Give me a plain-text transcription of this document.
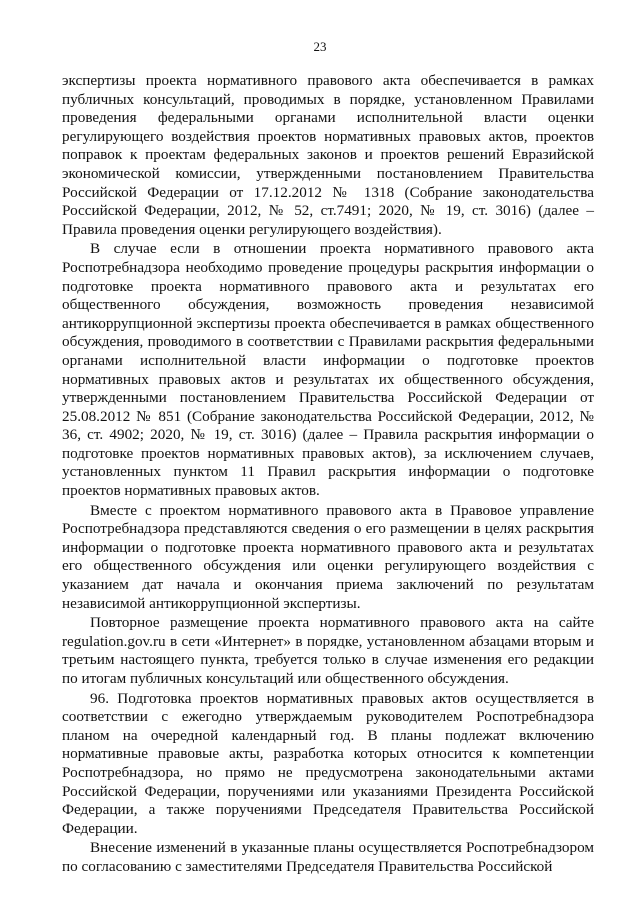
23

экспертизы проекта нормативного правового акта обеспечивается в рамках публичных консультаций, проводимых в порядке, установленном Правилами проведения федеральными органами исполнительной власти оценки регулирующего воздействия проектов нормативных правовых актов, проектов поправок к проектам федеральных законов и проектов решений Евразийской экономической комиссии, утвержденными постановлением Правительства Российской Федерации от 17.12.2012 № 1318 (Собрание законодательства Российской Федерации, 2012, № 52, ст.7491; 2020, № 19, ст. 3016) (далее – Правила проведения оценки регулирующего воздействия).

В случае если в отношении проекта нормативного правового акта Роспотребнадзора необходимо проведение процедуры раскрытия информации о подготовке проекта нормативного правового акта и результатах его общественного обсуждения, возможность проведения независимой антикоррупционной экспертизы проекта обеспечивается в рамках общественного обсуждения, проводимого в соответствии с Правилами раскрытия федеральными органами исполнительной власти информации о подготовке проектов нормативных правовых актов и результатах их общественного обсуждения, утвержденными постановлением Правительства Российской Федерации от 25.08.2012 № 851 (Собрание законодательства Российской Федерации, 2012, № 36, ст. 4902; 2020, № 19, ст. 3016) (далее – Правила раскрытия информации о подготовке проектов нормативных правовых актов), за исключением случаев, установленных пунктом 11 Правил раскрытия информации о подготовке проектов нормативных правовых актов.

Вместе с проектом нормативного правового акта в Правовое управление Роспотребнадзора представляются сведения о его размещении в целях раскрытия информации о подготовке проекта нормативного правового акта и результатах его общественного обсуждения или оценки регулирующего воздействия с указанием дат начала и окончания приема заключений по результатам независимой антикоррупционной экспертизы.

Повторное размещение проекта нормативного правового акта на сайте regulation.gov.ru в сети «Интернет» в порядке, установленном абзацами вторым и третьим настоящего пункта, требуется только в случае изменения его редакции по итогам публичных консультаций или общественного обсуждения.

96. Подготовка проектов нормативных правовых актов осуществляется в соответствии с ежегодно утверждаемым руководителем Роспотребнадзора планом на очередной календарный год. В планы подлежат включению нормативные правовые акты, разработка которых относится к компетенции Роспотребнадзора, но прямо не предусмотрена законодательными актами Российской Федерации, поручениями или указаниями Президента Российской Федерации, а также поручениями Председателя Правительства Российской Федерации.

Внесение изменений в указанные планы осуществляется Роспотребнадзором по согласованию с заместителями Председателя Правительства Российской
